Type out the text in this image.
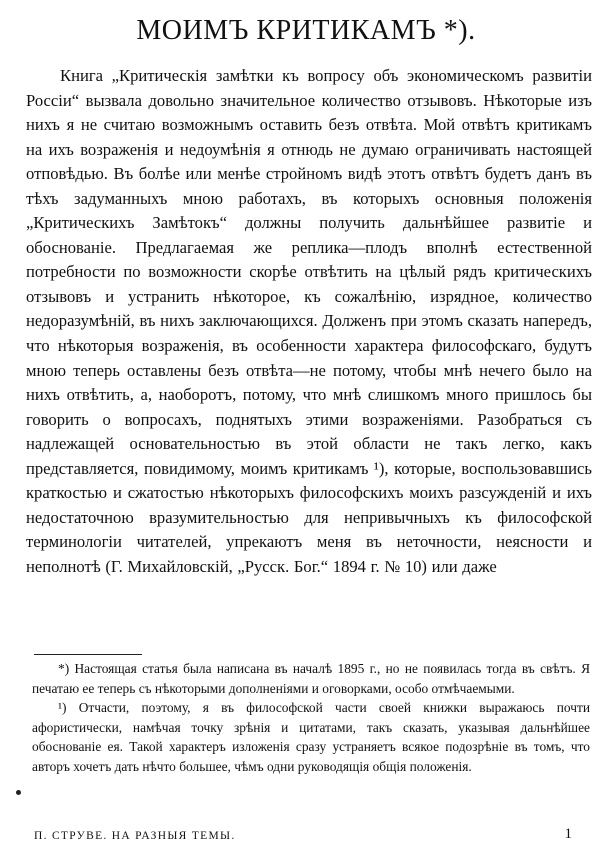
МОИМЪ КРИТИКАМЪ *).
Книга „Критическія замѣтки къ вопросу объ экономическомъ развитіи Россіи“ вызвала довольно значительное количество отзывовъ. Нѣкоторые изъ нихъ я не считаю возможнымъ оставить безъ отвѣта. Мой отвѣтъ критикамъ на ихъ возраженія и недоумѣнія я отнюдь не думаю ограничивать настоящей отповѣдью. Въ болѣе или менѣе стройномъ видѣ этотъ отвѣтъ будетъ данъ въ тѣхъ задуманныхъ мною работахъ, въ которыхъ основныя положенія „Критическихъ Замѣтокъ“ должны получить дальнѣйшее развитіе и обоснованіе. Предлагаемая же реплика—плодъ вполнѣ естественной потребности по возможности скорѣе отвѣтить на цѣлый рядъ критическихъ отзывовъ и устранить нѣкоторое, къ сожалѣнію, изрядное, количество недоразумѣній, въ нихъ заключающихся. Долженъ при этомъ сказать напередъ, что нѣкоторыя возраженія, въ особенности характера философскаго, будутъ мною теперь оставлены безъ отвѣта—не потому, чтобы мнѣ нечего было на нихъ отвѣтить, а, наоборотъ, потому, что мнѣ слишкомъ много пришлось бы говорить о вопросахъ, поднятыхъ этими возраженіями. Разобраться съ надлежащей основательностью въ этой области не такъ легко, какъ представляется, повидимому, моимъ критикамъ ¹), которые, воспользовавшись краткостью и сжатостью нѣкоторыхъ философскихъ моихъ разсужденій и ихъ недостаточною вразумительностью для непривычныхъ къ философской терминологіи читателей, упрекаютъ меня въ неточности, неясности и неполнотѣ (Г. Михайловскій, „Русск. Бог.“ 1894 г. № 10) или даже

*) Настоящая статья была написана въ началѣ 1895 г., но не появилась тогда въ свѣтъ. Я печатаю ее теперь съ нѣкоторыми дополненіями и оговорками, особо отмѣчаемыми.

¹) Отчасти, поэтому, я въ философской части своей книжки выражаюсь почти афористически, намѣчая точку зрѣнія и цитатами, такъ сказать, указывая дальнѣйшее обоснованіе ея. Такой характеръ изложенія сразу устраняетъ всякое подозрѣніе въ томъ, что авторъ хочетъ дать нѣчто большее, чѣмъ одни руководящія общія положенія.

П. СТРУВЕ. НА РАЗНЫЯ ТЕМЫ.	1
